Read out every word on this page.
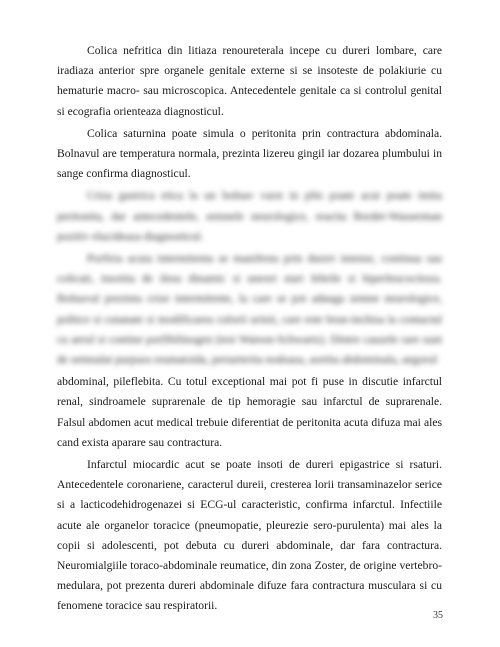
Colica nefritica din litiaza renoureterala incepe cu dureri lombare, care iradiaza anterior spre organele genitale externe si se insoteste de polakiurie cu hematurie macro- sau microscopica. Antecedentele genitale ca si controlul genital si ecografia orienteaza diagnosticul.

Colica saturnina poate simula o peritonita prin contractura abdominala. Bolnavul are temperatura normala, prezinta lizereu gingil iar dozarea plumbului in sange confirma diagnosticul.

Criza gastrica etica la un bolnav varst in plin poate acut poate imita peritonita, dar antecedentele, semnele neurologice, reactia Bordet-Wasserman pozitiv elucideaza diagnosticul.

Porfiria acuta intermitenta se manifesta prin dureri intense, continua sau colicati, insotita de ileus dinamic si uneori stari febrile si hiperleucocitoza. Bolnavul prezinta crize intermitente, la care se pot adauga semne neurologice, psihice si cutanate si modificarea culorii urinii, care este brun-inchisa la contactul cu aerul si contine porfibilinogen (test Watson-Schwartz). Dintre cauzele rare sunt de semnalat purpura reumatoida, periarterita nodoasa, aortita abdominala, angorul

abdominal, pileflebita. Cu totul exceptional mai pot fi puse in discutie infarctul renal, sindroamele suprarenale de tip hemoragie sau infarctul de suprarenale. Falsul abdomen acut medical trebuie diferentiat de peritonita acuta difuza mai ales cand exista aparare sau contractura.

Infarctul miocardic acut se poate insoti de dureri epigastrice si rsaturi. Antecedentele coronariene, caracterul dureii, cresterea lorii transaminazelor serice si a lacticodehidrogenazei si ECG-ul caracteristic, confirma infarctul. Infectiile acute ale organelor toracice (pneumopatie, pleurezie sero-purulenta) mai ales la copii si adolescenti, pot debuta cu dureri abdominale, dar fara contractura. Neuromialgiile toraco-abdominale reumatice, din zona Zoster, de origine vertebro-medulara, pot prezenta dureri abdominale difuze fara contractura musculara si cu fenomene toracice sau respiratorii.

35
